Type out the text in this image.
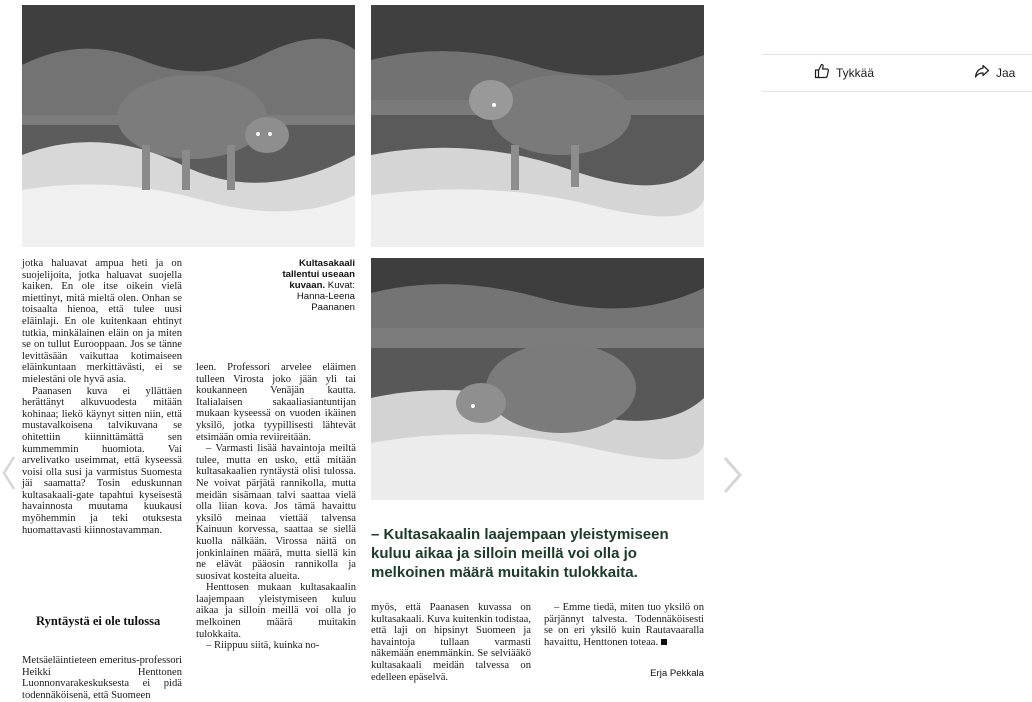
Kultasakaali tallentui useaan kuvaan. Kuvat: Hanna-Leena Paananen

jotka haluavat ampua heti ja on suojelijoita, jotka haluavat suojella kaiken. En ole itse oikein vielä miettinyt, mitä mieltä olen. Onhan se toisaalta hienoa, että tulee uusi eläinlaji. En ole kuitenkaan ehtinyt tutkia, minkälainen eläin on ja miten se on tullut Eurooppaan. Jos se tänne levittäsään vaikuttaa kotimaiseen eläinkuntaan merkittävästi, ei se mielestäni ole hyvä asia.

Paanasen kuva ei yllättäen herättänyt alkuvuodesta mitään kohinaa; liekö käynyt sitten niin, että mustavalkoisena talvikuvana se ohitettiin kiinnittämättä sen kummemmin huomiota. Vai arvelivatko useimmat, että kyseessä voisi olla susi ja varmistus Suomesta jäi saamatta? Tosin eduskunnan kultasakaali-gate tapahtui kyseisestä havainnosta muutama kuukausi myöhemmin ja teki otuksesta huomattavasti kiinnostavamman.

Ryntäystä ei ole tulossa

Metsäeläintieteen emeritus-professori Heikki Henttonen Luonnonvarakeskuksesta ei pidä todennäköisenä, että Suomeen

leen. Professori arvelee eläimen tulleen Virosta joko jään yli tai koukanneen Venäjän kautta. Italialaisen sakaaliasiantuntijan mukaan kyseessä on vuoden ikäinen yksilö, jotka tyypillisesti lähtevät etsimään omia reviireitään.

– Varmasti lisää havaintoja meiltä tulee, mutta en usko, että mitään kultasakaalien ryntäystä olisi tulossa. Ne voivat pärjätä rannikolla, mutta meidän sisämaan talvi saattaa vielä olla liian kova. Jos tämä havaittu yksilö meinaa viettää talvensa Kainuun korvessa, saattaa se siellä kuolla nälkään. Virossa näitä on jonkinlainen määrä, mutta siellä kin ne elävät pääosin rannikolla ja suosivat kosteita alueita.

Henttosen mukaan kultasakaalin laajempaan yleistymiseen kuluu aikaa ja silloin meillä voi olla jo melkoinen määrä muitakin tulokkaita.

– Riippuu siitä, kuinka no-

– Kultasakaalin laajempaan yleistymiseen kuluu aikaa ja silloin meillä voi olla jo melkoinen määrä muitakin tulokkaita.

myös, että Paanasen kuvassa on kultasakaali. Kuva kuitenkin todistaa, että laji on hipsinyt Suomeen ja havaintoja tullaan varmasti näkemään enemmänkin. Se selviääkö kultasakaali meidän talvessa on edelleen epäselvä.

– Emme tiedä, miten tuo yksilö on pärjännyt talvesta. Todennäköisesti se on eri yksilö kuin Rautavaaralla havaittu, Henttonen toteaa.

Erja Pekkala
Tykkää	Jaa
